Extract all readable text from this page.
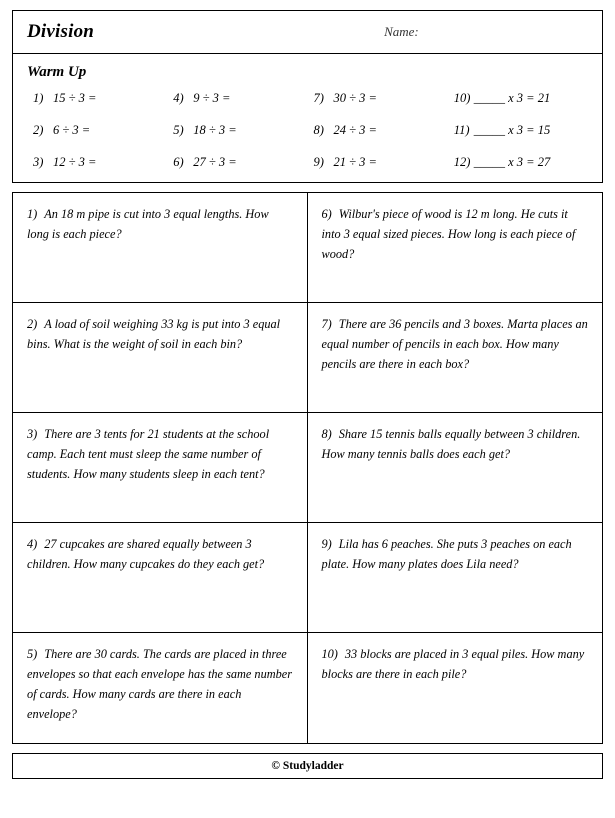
Division	Name:
Warm Up
1) 15 ÷ 3 =	4) 9 ÷ 3 =	7) 30 ÷ 3 =	10) _____ x 3 = 21
2) 6 ÷ 3 =	5) 18 ÷ 3 =	8) 24 ÷ 3 =	11) _____ x 3 = 15
3) 12 ÷ 3 =	6) 27 ÷ 3 =	9) 21 ÷ 3 =	12) _____ x 3 = 27
1) An 18 m pipe is cut into 3 equal lengths. How long is each piece?
6) Wilbur's piece of wood is 12 m long. He cuts it into 3 equal sized pieces. How long is each piece of wood?
2) A load of soil weighing 33 kg is put into 3 equal bins. What is the weight of soil in each bin?
7) There are 36 pencils and 3 boxes. Marta places an equal number of pencils in each box. How many pencils are there in each box?
3) There are 3 tents for 21 students at the school camp. Each tent must sleep the same number of students. How many students sleep in each tent?
8) Share 15 tennis balls equally between 3 children. How many tennis balls does each get?
4) 27 cupcakes are shared equally between 3 children. How many cupcakes do they each get?
9) Lila has 6 peaches. She puts 3 peaches on each plate. How many plates does Lila need?
5) There are 30 cards. The cards are placed in three envelopes so that each envelope has the same number of cards. How many cards are there in each envelope?
10) 33 blocks are placed in 3 equal piles. How many blocks are there in each pile?
© Studyladder
